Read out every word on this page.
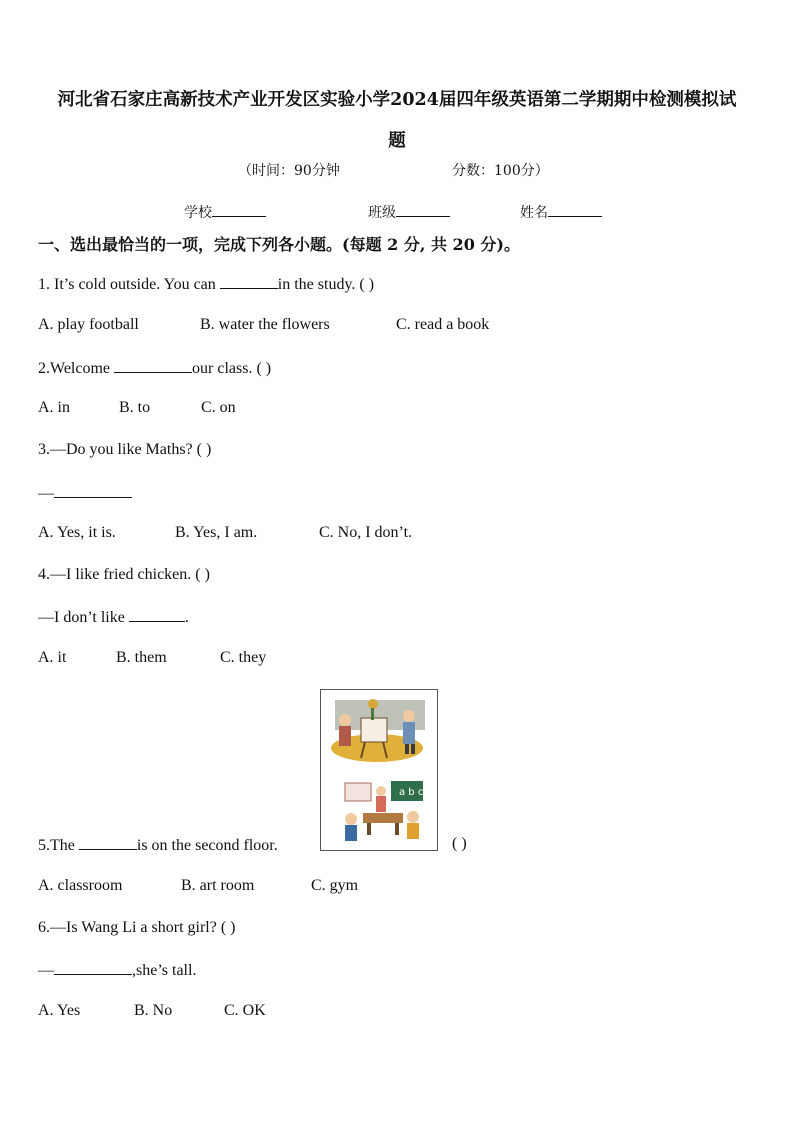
河北省石家庄高新技术产业开发区实验小学2024届四年级英语第二学期期中检测模拟试
题
（时间：90分钟	分数：100分）
学校	班级	姓名
一、选出最恰当的一项，完成下列各小题。(每题 2 分, 共 20 分)。
1. It’s cold outside. You can	in the study. ( )
A. play football	B. water the flowers	C. read a book
2.Welcome	our class. ( )
A. in	B. to	C. on
3.—Do you like Maths? ( )
—
A. Yes, it is.	B. Yes, I am.	C. No, I don’t.
4.—I like fried chicken. ( )
—I don’t like	.
A. it	B. them	C. they
a b c
5.The	is on the second floor.	( )
A. classroom	B. art room	C. gym
6.—Is Wang Li a short girl? ( )
—	,she’s tall.
A. Yes	B. No	C. OK
